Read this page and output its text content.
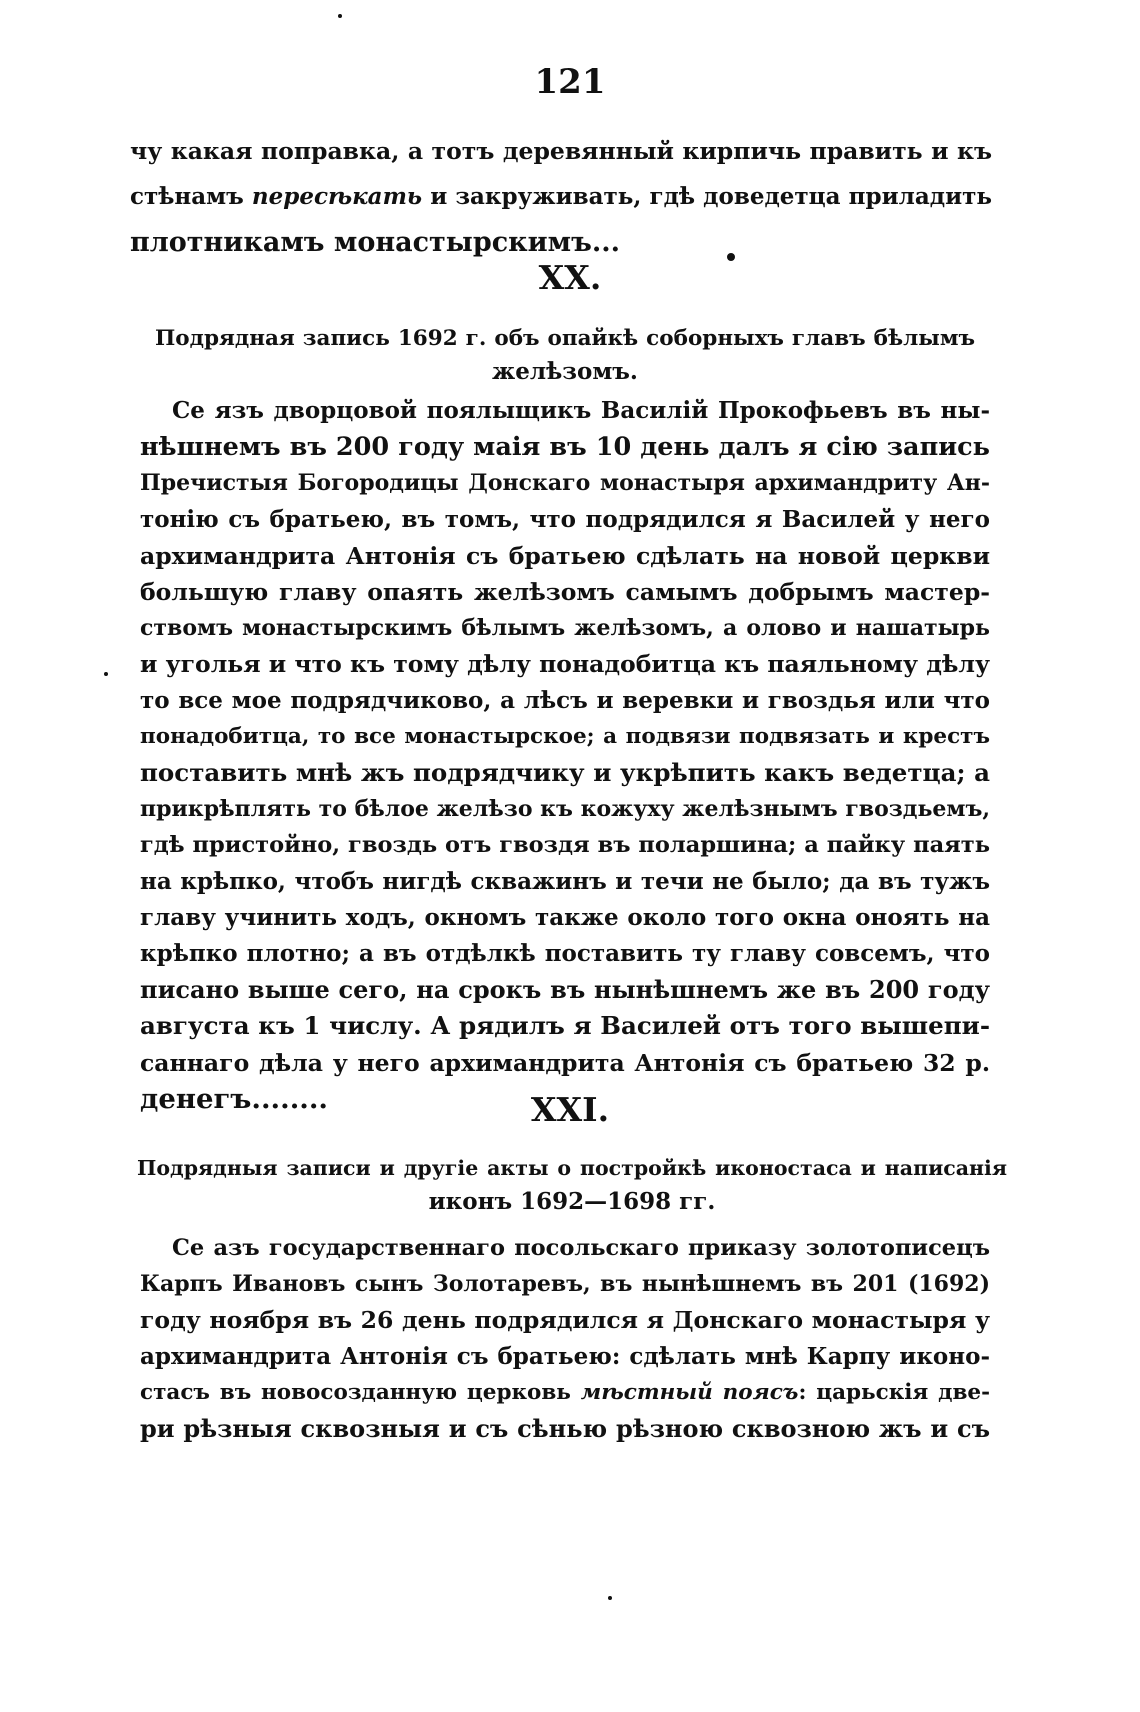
121
чу какая поправка, а тотъ деревянный кирпичь править и къ
стѣнамъ пересѣкать и закруживать, гдѣ доведетца приладить
плотникамъ монастырскимъ...
XX.
Подрядная запись 1692 г. объ опайкѣ соборныхъ главъ бѣлымъ
желѣзомъ.
Се язъ дворцовой поялыщикъ Василій Прокофьевъ въ ны-
нѣшнемъ въ 200 году маія въ 10 день далъ я сію запись
Пречистыя Богородицы Донскаго монастыря архимандриту Ан-
тонію съ братьею, въ томъ, что подрядился я Василей у него
архимандрита Антонія съ братьею сдѣлать на новой церкви
большую главу опаять желѣзомъ самымъ добрымъ мастер-
ствомъ монастырскимъ бѣлымъ желѣзомъ, а олово и нашатырь
и уголья и что къ тому дѣлу понадобитца къ паяльному дѣлу
то все мое подрядчиково, а лѣсъ и веревки и гвоздья или что
понадобитца, то все монастырское; а подвязи подвязать и крестъ
поставить мнѣ жъ подрядчику и укрѣпить какъ ведетца; а
прикрѣплять то бѣлое желѣзо къ кожуху желѣзнымъ гвоздьемъ,
гдѣ пристойно, гвоздь отъ гвоздя въ поларшина; а пайку паять
на крѣпко, чтобъ нигдѣ скважинъ и течи не было; да въ тужъ
главу учинить ходъ, окномъ также около того окна оноять на
крѣпко плотно; а въ отдѣлкѣ поставить ту главу совсемъ, что
писано выше сего, на срокъ въ нынѣшнемъ же въ 200 году
августа къ 1 числу. А рядилъ я Василей отъ того вышепи-
саннаго дѣла у него архимандрита Антонія съ братьею 32 р.
денегъ........	XXI.
Подрядныя записи и другіе акты о постройкѣ иконостаса и написанія
иконъ 1692—1698 гг.
Се азъ государственнаго посольскаго приказу золотописецъ
Карпъ Ивановъ сынъ Золотаревъ, въ нынѣшнемъ въ 201 (1692)
году ноября въ 26 день подрядился я Донскаго монастыря у
архимандрита Антонія съ братьею: сдѣлать мнѣ Карпу иконо-
стасъ въ новосозданную церковь мѣстный поясъ: царьскія две-
ри рѣзныя сквозныя и съ сѣнью рѣзною сквозною жъ и съ
